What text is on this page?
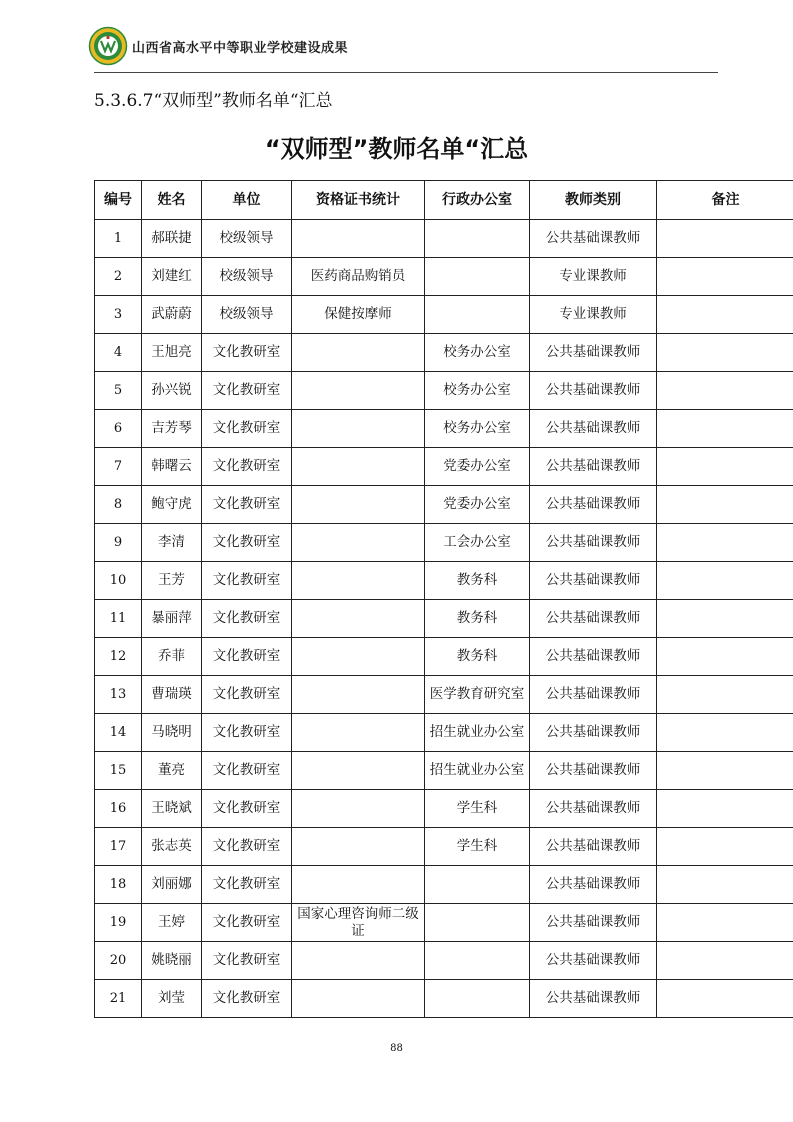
山西省高水平中等职业学校建设成果
5.3.6.7“双师型”教师名单“汇总
“双师型”教师名单“汇总
编号	姓名	单位	资格证书统计	行政办公室	教师类别	备注
1	郝联捷	校级领导			公共基础课教师	
2	刘建红	校级领导	医药商品购销员		专业课教师	
3	武蔚蔚	校级领导	保健按摩师		专业课教师	
4	王旭亮	文化教研室		校务办公室	公共基础课教师	
5	孙兴锐	文化教研室		校务办公室	公共基础课教师	
6	吉芳琴	文化教研室		校务办公室	公共基础课教师	
7	韩曙云	文化教研室		党委办公室	公共基础课教师	
8	鲍守虎	文化教研室		党委办公室	公共基础课教师	
9	李清	文化教研室		工会办公室	公共基础课教师	
10	王芳	文化教研室		教务科	公共基础课教师	
11	暴丽萍	文化教研室		教务科	公共基础课教师	
12	乔菲	文化教研室		教务科	公共基础课教师	
13	曹瑞瑛	文化教研室		医学教育研究室	公共基础课教师	
14	马晓明	文化教研室		招生就业办公室	公共基础课教师	
15	董亮	文化教研室		招生就业办公室	公共基础课教师	
16	王晓斌	文化教研室		学生科	公共基础课教师	
17	张志英	文化教研室		学生科	公共基础课教师	
18	刘丽娜	文化教研室			公共基础课教师	
19	王婷	文化教研室	国家心理咨询师二级证		公共基础课教师	
20	姚晓丽	文化教研室			公共基础课教师	
21	刘莹	文化教研室			公共基础课教师	
88
